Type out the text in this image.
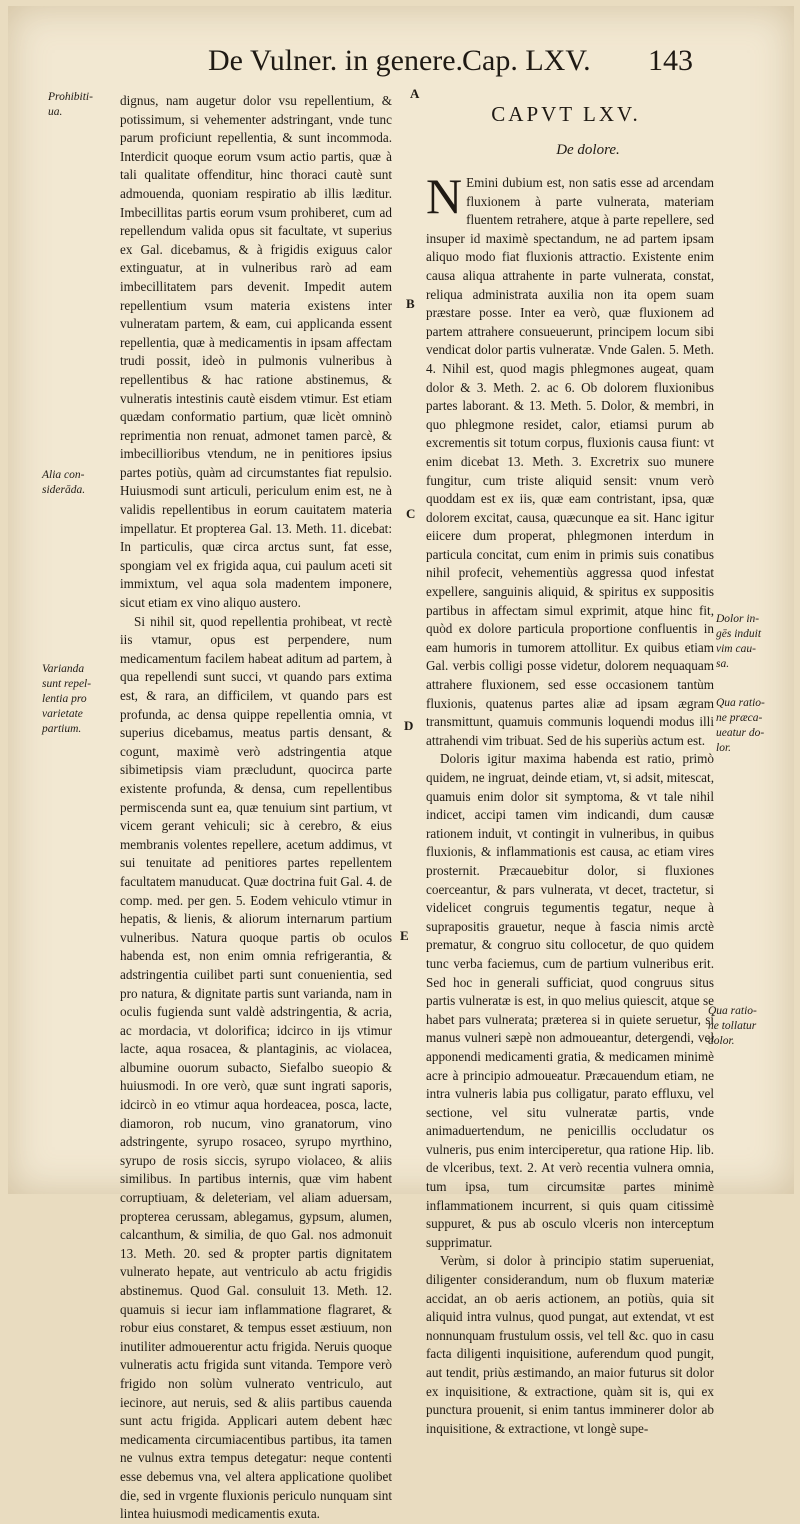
De Vulner. in genere.
Cap. LXV. 143
Prohibiti-
ua.
Alia con-
siderāda.
Varianda
sunt repel-
lentia pro
varietate
partium.
A
B
C
D
E

dignus, nam augetur dolor vsu repellentium, & potissimum, si vehementer adstringant, vnde tunc parum proficiunt repellentia, & sunt incommoda. Interdicit quoque eorum vsum actio partis, quæ à tali qualitate offenditur, hinc thoraci cautè sunt admouenda, quoniam respiratio ab illis læditur. Imbecillitas partis eorum vsum prohiberet, cum ad repellendum valida opus sit facultate, vt superius ex Gal. dicebamus, & à frigidis exiguus calor extinguatur, at in vulneribus rarò ad eam imbecillitatem pars devenit. Impedit autem repellentium vsum materia existens inter vulneratam partem, & eam, cui applicanda essent repellentia, quæ à medicamentis in ipsam affectam trudi possit, ideò in pulmonis vulneribus à repellentibus & hac ratione abstinemus, & vulneratis intestinis cautè eisdem vtimur. Est etiam quædam conformatio partium, quæ licèt omninò reprimentia non renuat, admonet tamen parcè, & imbecillioribus vtendum, ne in penitiores ipsius partes potiùs, quàm ad circumstantes fiat repulsio. Huiusmodi sunt articuli, periculum enim est, ne à validis repellentibus in eorum cauitatem materia impellatur. Et propterea Gal. 13. Meth. 11. dicebat: In particulis, quæ circa arctus sunt, fat esse, spongiam vel ex frigida aqua, cui paulum aceti sit immixtum, vel aqua sola madentem imponere, sicut etiam ex vino aliquo austero.

Si nihil sit, quod repellentia prohibeat, vt rectè iis vtamur, opus est perpendere, num medicamentum facilem habeat aditum ad partem, à qua repellendi sunt succi, vt quando pars extima est, & rara, an difficilem, vt quando pars est profunda, ac densa quippe repellentia omnia, vt superius dicebamus, meatus partis densant, & cogunt, maximè verò adstringentia atque sibimetipsis viam præcludunt, quocirca parte existente profunda, & densa, cum repellentibus permiscenda sunt ea, quæ tenuium sint partium, vt vicem gerant vehiculi; sic à cerebro, & eius membranis volentes repellere, acetum addimus, vt sui tenuitate ad penitiores partes repellentem facultatem manuducat. Quæ doctrina fuit Gal. 4. de comp. med. per gen. 5. Eodem vehiculo vtimur in hepatis, & lienis, & aliorum internarum partium vulneribus. Natura quoque partis ob oculos habenda est, non enim omnia refrigerantia, & adstringentia cuilibet parti sunt conuenientia, sed pro natura, & dignitate partis sunt varianda, nam in oculis fugienda sunt valdè adstringentia, & acria, ac mordacia, vt dolorifica; idcirco in ijs vtimur lacte, aqua rosacea, & plantaginis, ac violacea, albumine ouorum subacto, Siefalbo sueopio & huiusmodi. In ore verò, quæ sunt ingrati saporis, idcircò in eo vtimur aqua hordeacea, posca, lacte, diamoron, rob nucum, vino granatorum, vino adstringente, syrupo rosaceo, syrupo myrthino, syrupo de rosis siccis, syrupo violaceo, & aliis similibus. In partibus internis, quæ vim habent corruptiuam, & deleteriam, vel aliam aduersam, propterea cerussam, ablegamus, gypsum, alumen, calcanthum, & similia, de quo Gal. nos admonuit 13. Meth. 20. sed & propter partis dignitatem vulnerato hepate, aut ventriculo ab actu frigidis abstinemus. Quod Gal. consuluit 13. Meth. 12. quamuis si iecur iam inflammatione flagraret, & robur eius constaret, & tempus esset æstiuum, non inutiliter admouerentur actu frigida. Neruis quoque vulneratis actu frigida sunt vitanda. Tempore verò frigido non solùm vulnerato ventriculo, aut iecinore, aut neruis, sed & aliis partibus cauenda sunt actu frigida. Applicari autem debent hæc medicamenta circumiacentibus partibus, ita tamen ne vulnus extra tempus detegatur: neque contenti esse debemus vna, vel altera applicatione quolibet die, sed in vrgente fluxionis periculo nunquam sint lintea huiusmodi medicamentis exuta.

CAPVT LXV.
De dolore.

N Emini dubium est, non satis esse ad arcendam fluxionem à parte vulnerata, materiam fluentem retrahere, atque à parte repellere, sed insuper id maximè spectandum, ne ad partem ipsam aliquo modo fiat fluxionis attractio. Existente enim causa aliqua attrahente in parte vulnerata, constat, reliqua administrata auxilia non ita opem suam præstare posse. Inter ea verò, quæ fluxionem ad partem attrahere consueuerunt, principem locum sibi vendicat dolor partis vulneratæ. Vnde Galen. 5. Meth. 4. Nihil est, quod magis phlegmones augeat, quam dolor & 3. Meth. 2. ac 6. Ob dolorem fluxionibus partes laborant. & 13. Meth. 5. Dolor, & membri, in quo phlegmone residet, calor, etiamsi purum ab excrementis sit totum corpus, fluxionis causa fiunt: vt enim dicebat 13. Meth. 3. Excretrix suo munere fungitur, cum triste aliquid sensit: vnum verò quoddam est ex iis, quæ eam contristant, ipsa, quæ dolorem excitat, causa, quæcunque ea sit. Hanc igitur eiicere dum properat, phlegmonen interdum in particula concitat, cum enim in primis suis conatibus nihil profecit, vehementiùs aggressa quod infestat expellere, sanguinis aliquid, & spiritus ex suppositis partibus in affectam simul exprimit, atque hinc fit, quòd ex dolore particula proportione confluentis in eam humoris in tumorem attollitur. Ex quibus etiam Gal. verbis colligi posse videtur, dolorem nequaquam attrahere fluxionem, sed esse occasionem tantùm fluxionis, quatenus partes aliæ ad ipsam ægram transmittunt, quamuis communis loquendi modus illi attrahendi vim tribuat. Sed de his superiùs actum est.

Doloris igitur maxima habenda est ratio, primò quidem, ne ingruat, deinde etiam, vt, si adsit, mitescat, quamuis enim dolor sit symptoma, & vt tale nihil indicet, accipi tamen vim indicandi, dum causæ rationem induit, vt contingit in vulneribus, in quibus fluxionis, & inflammationis est causa, ac etiam vires prosternit. Præcauebitur dolor, si fluxiones coerceantur, & pars vulnerata, vt decet, tractetur, si videlicet congruis tegumentis tegatur, neque à suprapositis grauetur, neque à fascia nimis arctè prematur, & congruo situ collocetur, de quo quidem tunc verba faciemus, cum de partium vulneribus erit. Sed hoc in generali sufficiat, quod congruus situs partis vulneratæ is est, in quo melius quiescit, atque se habet pars vulnerata; præterea si in quiete seruetur, si manus vulneri sæpè non admoueantur, detergendi, vel apponendi medicamenti gratia, & medicamen minimè acre à principio admoueatur. Præcauendum etiam, ne intra vulneris labia pus colligatur, parato effluxu, vel sectione, vel situ vulneratæ partis, vnde animaduertendum, ne penicillis occludatur os vulneris, pus enim interciperetur, qua ratione Hip. lib. de vlceribus, text. 2. At verò recentia vulnera omnia, tum ipsa, tum circumsitæ partes minimè inflammationem incurrent, si quis quam citissimè suppuret, & pus ab osculo vlceris non interceptum supprimatur.

Verùm, si dolor à principio statim superueniat, diligenter considerandum, num ob fluxum materiæ accidat, an ob aeris actionem, an potiùs, quia sit aliquid intra vulnus, quod pungat, aut extendat, vt est nonnunquam frustulum ossis, vel tell &c. quo in casu facta diligenti inquisitione, auferendum quod pungit, aut tendit, priùs æstimando, an maior futurus sit dolor ex inquisitione, & extractione, quàm sit is, qui ex punctura prouenit, si enim tantus imminerer dolor ab inquisitione, & extractione, vt longè supe-

Dolor in-
gēs induit
vim cau-
sa.
Qua ratio-
ne præca-
ueatur do-
lor.
Qua ratio-
ne tollatur
dolor.
